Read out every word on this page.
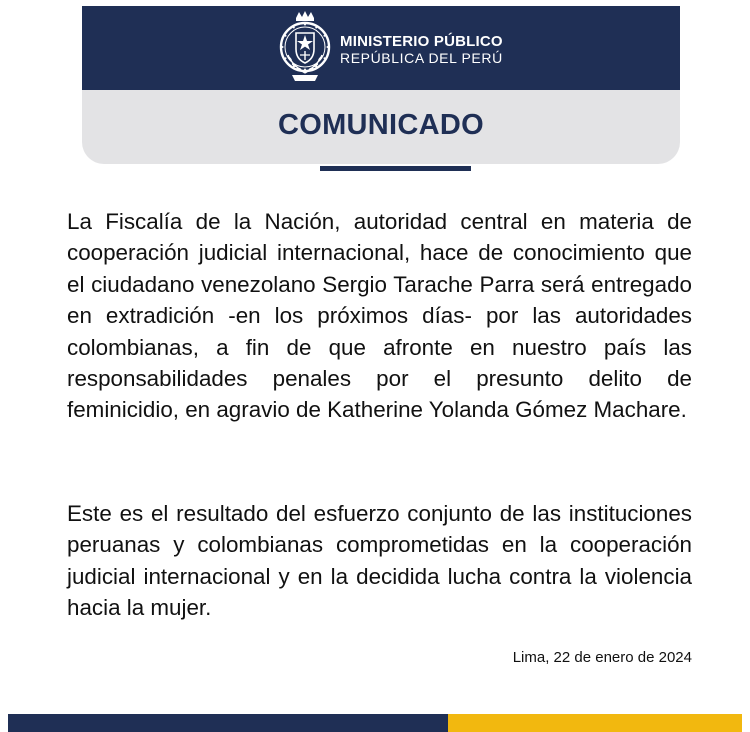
MINISTERIO PÚBLICO
REPÚBLICA DEL PERÚ
COMUNICADO
La Fiscalía de la Nación, autoridad central en materia de cooperación judicial internacional, hace de conocimiento que el ciudadano venezolano Sergio Tarache Parra será entregado en extradición -en los próximos días- por las autoridades colombianas, a fin de que afronte en nuestro país las responsabilidades penales por el presunto delito de feminicidio, en agravio de Katherine Yolanda Gómez Machare.
Este es el resultado del esfuerzo conjunto de las instituciones peruanas y colombianas comprometidas en la cooperación judicial internacional y en la decidida lucha contra la violencia hacia la mujer.
Lima, 22 de enero de 2024
